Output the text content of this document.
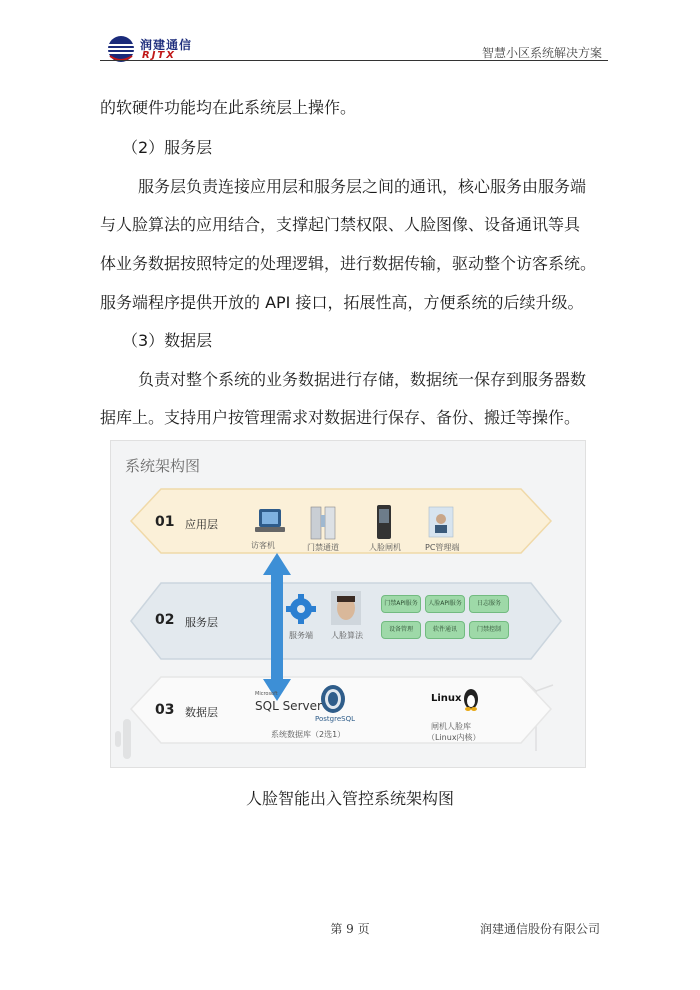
润建通信
RJTX	智慧小区系统解决方案
的软硬件功能均在此系统层上操作。
（2）服务层
服务层负责连接应用层和服务层之间的通讯，核心服务由服务端
与人脸算法的应用结合，支撑起门禁权限、人脸图像、设备通讯等具
体业务数据按照特定的处理逻辑，进行数据传输，驱动整个访客系统。
服务端程序提供开放的 API 接口，拓展性高，方便系统的后续升级。
（3）数据层
负责对整个系统的业务数据进行存储，数据统一保存到服务器数
据库上。支持用户按管理需求对数据进行保存、备份、搬迁等操作。
系统架构图
01 应用层
访客机	门禁通道	人脸闸机	PC管理端
02 服务层
服务端 人脸算法
门禁API服务	人脸API服务	日志服务
设备管理	软件通讯	门禁控制
03 数据层
Microsoft
SQL Server
PostgreSQL
Linux
系统数据库（2选1）
闸机人脸库
（Linux内核）
人脸智能出入管控系统架构图
第 9 页	润建通信股份有限公司
